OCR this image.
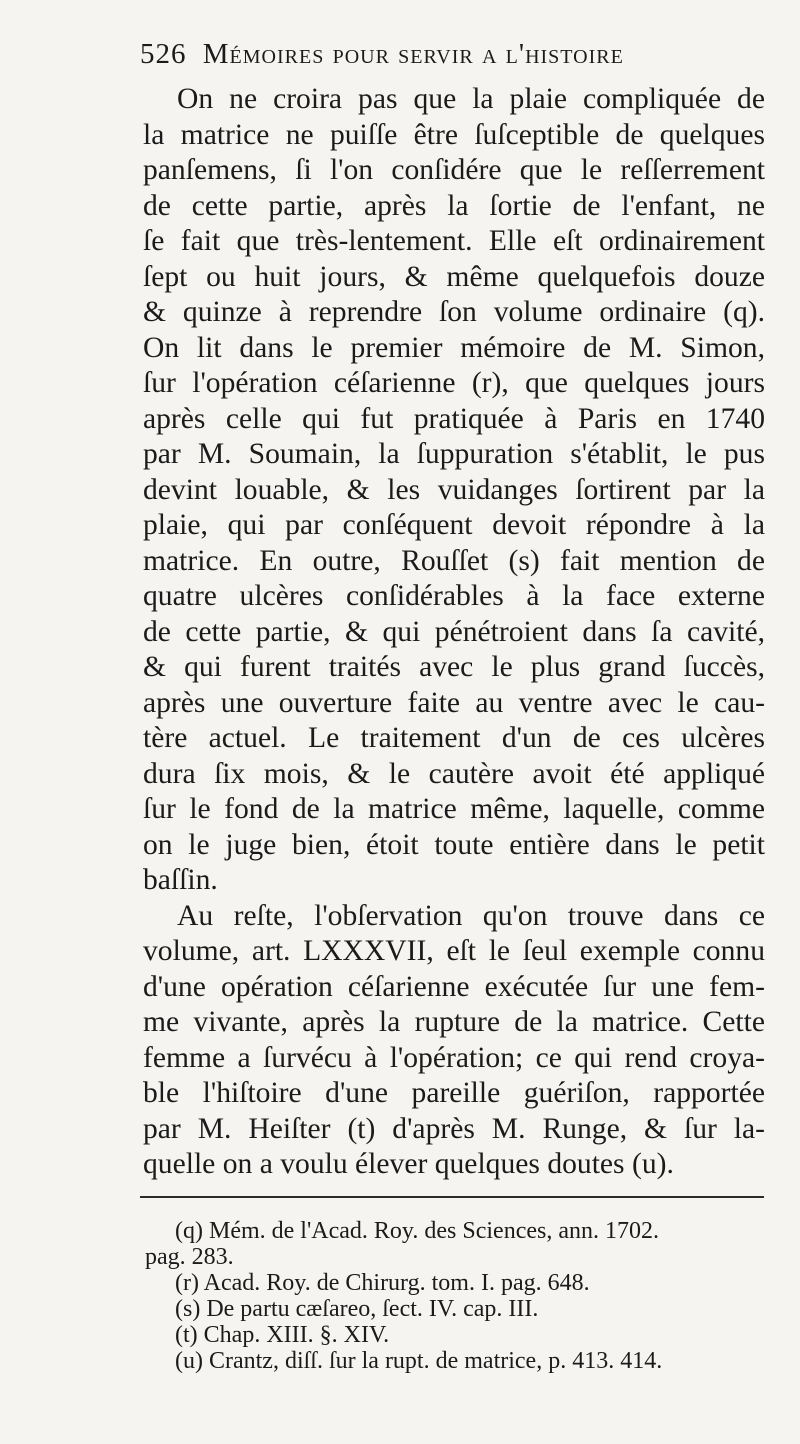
526 Mémoires pour servir a l'histoire
On ne croira pas que la plaie compliquée de
la matrice ne puiſſe être ſuſceptible de quelques
panſemens, ſi l'on conſidére que le reſſerrement
de cette partie, après la ſortie de l'enfant, ne
ſe fait que très-lentement. Elle eſt ordinairement
ſept ou huit jours, & même quelquefois douze
& quinze à reprendre ſon volume ordinaire (q).
On lit dans le premier mémoire de M. Simon,
ſur l'opération céſarienne (r), que quelques jours
après celle qui fut pratiquée à Paris en 1740
par M. Soumain, la ſuppuration s'établit, le pus
devint louable, & les vuidanges ſortirent par la
plaie, qui par conſéquent devoit répondre à la
matrice. En outre, Rouſſet (s) fait mention de
quatre ulcères conſidérables à la face externe
de cette partie, & qui pénétroient dans ſa cavité,
& qui furent traités avec le plus grand ſuccès,
après une ouverture faite au ventre avec le cau-
tère actuel. Le traitement d'un de ces ulcères
dura ſix mois, & le cautère avoit été appliqué
ſur le fond de la matrice même, laquelle, comme
on le juge bien, étoit toute entière dans le petit
baſſin.
Au reſte, l'obſervation qu'on trouve dans ce
volume, art. LXXXVII, eſt le ſeul exemple connu
d'une opération céſarienne exécutée ſur une fem-
me vivante, après la rupture de la matrice. Cette
femme a ſurvécu à l'opération; ce qui rend croya-
ble l'hiſtoire d'une pareille guériſon, rapportée
par M. Heiſter (t) d'après M. Runge, & ſur la-
quelle on a voulu élever quelques doutes (u).
(q) Mém. de l'Acad. Roy. des Sciences, ann. 1702.
pag. 283.
(r) Acad. Roy. de Chirurg. tom. I. pag. 648.
(s) De partu cæſareo, ſect. IV. cap. III.
(t) Chap. XIII. §. XIV.
(u) Crantz, diſſ. ſur la rupt. de matrice, p. 413. 414.
